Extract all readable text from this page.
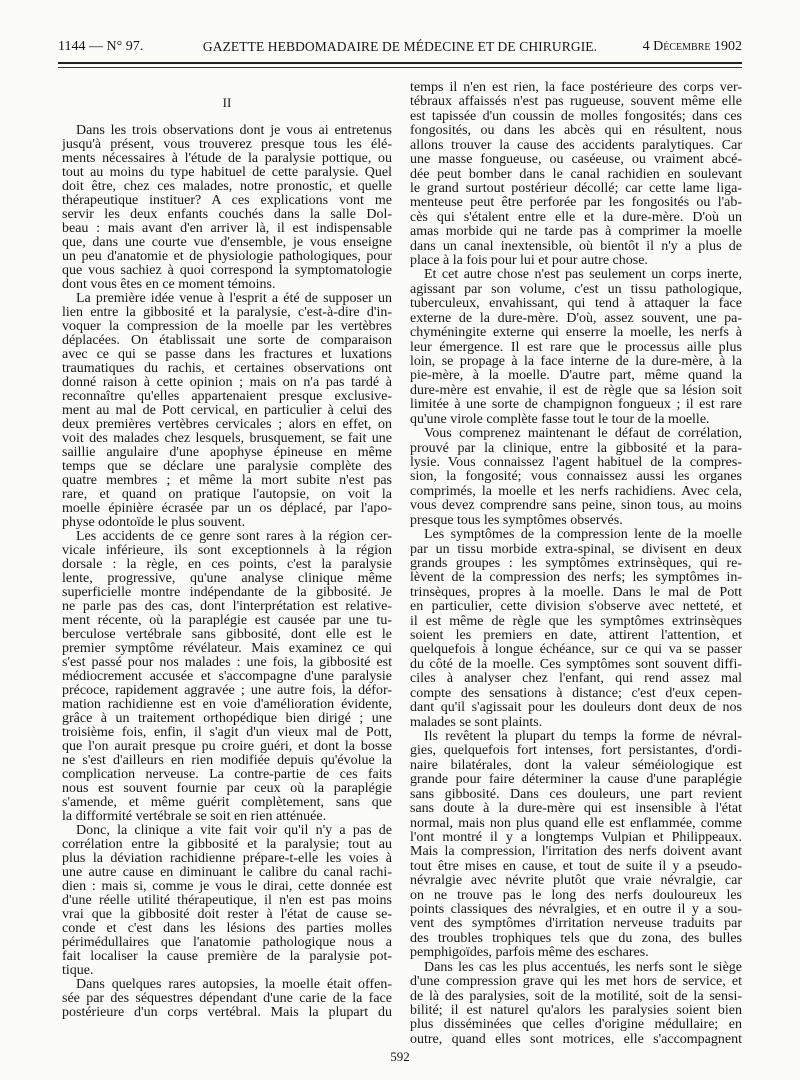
1144 — N° 97.	GAZETTE HEBDOMADAIRE DE MÉDECINE ET DE CHIRURGIE.	4 Décembre 1902
II
Dans les trois observations dont je vous ai entretenus
jusqu'à présent, vous trouverez presque tous les élé-
ments nécessaires à l'étude de la paralysie pottique, ou
tout au moins du type habituel de cette paralysie. Quel
doit être, chez ces malades, notre pronostic, et quelle
thérapeutique instituer? A ces explications vont me
servir les deux enfants couchés dans la salle Dol-
beau : mais avant d'en arriver là, il est indispensable
que, dans une courte vue d'ensemble, je vous enseigne
un peu d'anatomie et de physiologie pathologiques, pour
que vous sachiez à quoi correspond la symptomatologie
dont vous êtes en ce moment témoins.
La première idée venue à l'esprit a été de supposer un
lien entre la gibbosité et la paralysie, c'est-à-dire d'in-
voquer la compression de la moelle par les vertèbres
déplacées. On établissait une sorte de comparaison
avec ce qui se passe dans les fractures et luxations
traumatiques du rachis, et certaines observations ont
donné raison à cette opinion ; mais on n'a pas tardé à
reconnaître qu'elles appartenaient presque exclusive-
ment au mal de Pott cervical, en particulier à celui des
deux premières vertèbres cervicales ; alors en effet, on
voit des malades chez lesquels, brusquement, se fait une
saillie angulaire d'une apophyse épineuse en même
temps que se déclare une paralysie complète des
quatre membres ; et même la mort subite n'est pas
rare, et quand on pratique l'autopsie, on voit la
moelle épinière écrasée par un os déplacé, par l'apo-
physe odontoïde le plus souvent.
Les accidents de ce genre sont rares à la région cer-
vicale inférieure, ils sont exceptionnels à la région
dorsale : la règle, en ces points, c'est la paralysie
lente, progressive, qu'une analyse clinique même
superficielle montre indépendante de la gibbosité. Je
ne parle pas des cas, dont l'interprétation est relative-
ment récente, où la paraplégie est causée par une tu-
berculose vertébrale sans gibbosité, dont elle est le
premier symptôme révélateur. Mais examinez ce qui
s'est passé pour nos malades : une fois, la gibbosité est
médiocrement accusée et s'accompagne d'une paralysie
précoce, rapidement aggravée ; une autre fois, la défor-
mation rachidienne est en voie d'amélioration évidente,
grâce à un traitement orthopédique bien dirigé ; une
troisième fois, enfin, il s'agit d'un vieux mal de Pott,
que l'on aurait presque pu croire guéri, et dont la bosse
ne s'est d'ailleurs en rien modifiée depuis qu'évolue la
complication nerveuse. La contre-partie de ces faits
nous est souvent fournie par ceux où la paraplégie
s'amende, et même guérit complètement, sans que
la difformité vertébrale se soit en rien atténuée.
Donc, la clinique a vite fait voir qu'il n'y a pas de
corrélation entre la gibbosité et la paralysie; tout au
plus la déviation rachidienne prépare-t-elle les voies à
une autre cause en diminuant le calibre du canal rachi-
dien : mais si, comme je vous le dirai, cette donnée est
d'une réelle utilité thérapeutique, il n'en est pas moins
vrai que la gibbosité doit rester à l'état de cause se-
conde et c'est dans les lésions des parties molles
périmédullaires que l'anatomie pathologique nous a
fait localiser la cause première de la paralysie pot-
tique.
Dans quelques rares autopsies, la moelle était offen-
sée par des séquestres dépendant d'une carie de la face
postérieure d'un corps vertébral. Mais la plupart du
temps il n'en est rien, la face postérieure des corps ver-
tébraux affaissés n'est pas rugueuse, souvent même elle
est tapissée d'un coussin de molles fongosités; dans ces
fongosités, ou dans les abcès qui en résultent, nous
allons trouver la cause des accidents paralytiques. Car
une masse fongueuse, ou caséeuse, ou vraiment abcé-
dée peut bomber dans le canal rachidien en soulevant
le grand surtout postérieur décollé; car cette lame liga-
menteuse peut être perforée par les fongosités ou l'ab-
cès qui s'étalent entre elle et la dure-mère. D'où un
amas morbide qui ne tarde pas à comprimer la moelle
dans un canal inextensible, où bientôt il n'y a plus de
place à la fois pour lui et pour autre chose.
Et cet autre chose n'est pas seulement un corps inerte,
agissant par son volume, c'est un tissu pathologique,
tuberculeux, envahissant, qui tend à attaquer la face
externe de la dure-mère. D'où, assez souvent, une pa-
chyméningite externe qui enserre la moelle, les nerfs à
leur émergence. Il est rare que le processus aille plus
loin, se propage à la face interne de la dure-mère, à la
pie-mère, à la moelle. D'autre part, même quand la
dure-mère est envahie, il est de règle que sa lésion soit
limitée à une sorte de champignon fongueux ; il est rare
qu'une virole complète fasse tout le tour de la moelle.
Vous comprenez maintenant le défaut de corrélation,
prouvé par la clinique, entre la gibbosité et la para-
lysie. Vous connaissez l'agent habituel de la compres-
sion, la fongosité; vous connaissez aussi les organes
comprimés, la moelle et les nerfs rachidiens. Avec cela,
vous devez comprendre sans peine, sinon tous, au moins
presque tous les symptômes observés.
Les symptômes de la compression lente de la moelle
par un tissu morbide extra-spinal, se divisent en deux
grands groupes : les symptômes extrinsèques, qui re-
lèvent de la compression des nerfs; les symptômes in-
trinsèques, propres à la moelle. Dans le mal de Pott
en particulier, cette division s'observe avec netteté, et
il est même de règle que les symptômes extrinsèques
soient les premiers en date, attirent l'attention, et
quelquefois à longue échéance, sur ce qui va se passer
du côté de la moelle. Ces symptômes sont souvent diffi-
ciles à analyser chez l'enfant, qui rend assez mal
compte des sensations à distance; c'est d'eux cepen-
dant qu'il s'agissait pour les douleurs dont deux de nos
malades se sont plaints.
Ils revêtent la plupart du temps la forme de névral-
gies, quelquefois fort intenses, fort persistantes, d'ordi-
naire bilatérales, dont la valeur séméiologique est
grande pour faire déterminer la cause d'une paraplégie
sans gibbosité. Dans ces douleurs, une part revient
sans doute à la dure-mère qui est insensible à l'état
normal, mais non plus quand elle est enflammée, comme
l'ont montré il y a longtemps Vulpian et Philippeaux.
Mais la compression, l'irritation des nerfs doivent avant
tout être mises en cause, et tout de suite il y a pseudo-
névralgie avec névrite plutôt que vraie névralgie, car
on ne trouve pas le long des nerfs douloureux les
points classiques des névralgies, et en outre il y a sou-
vent des symptômes d'irritation nerveuse traduits par
des troubles trophiques tels que du zona, des bulles
pemphigoïdes, parfois même des eschares.
Dans les cas les plus accentués, les nerfs sont le siège
d'une compression grave qui les met hors de service, et
de là des paralysies, soit de la motilité, soit de la sensi-
bilité; il est naturel qu'alors les paralysies soient bien
plus disséminées que celles d'origine médullaire; en
outre, quand elles sont motrices, elle s'accompagnent
592
